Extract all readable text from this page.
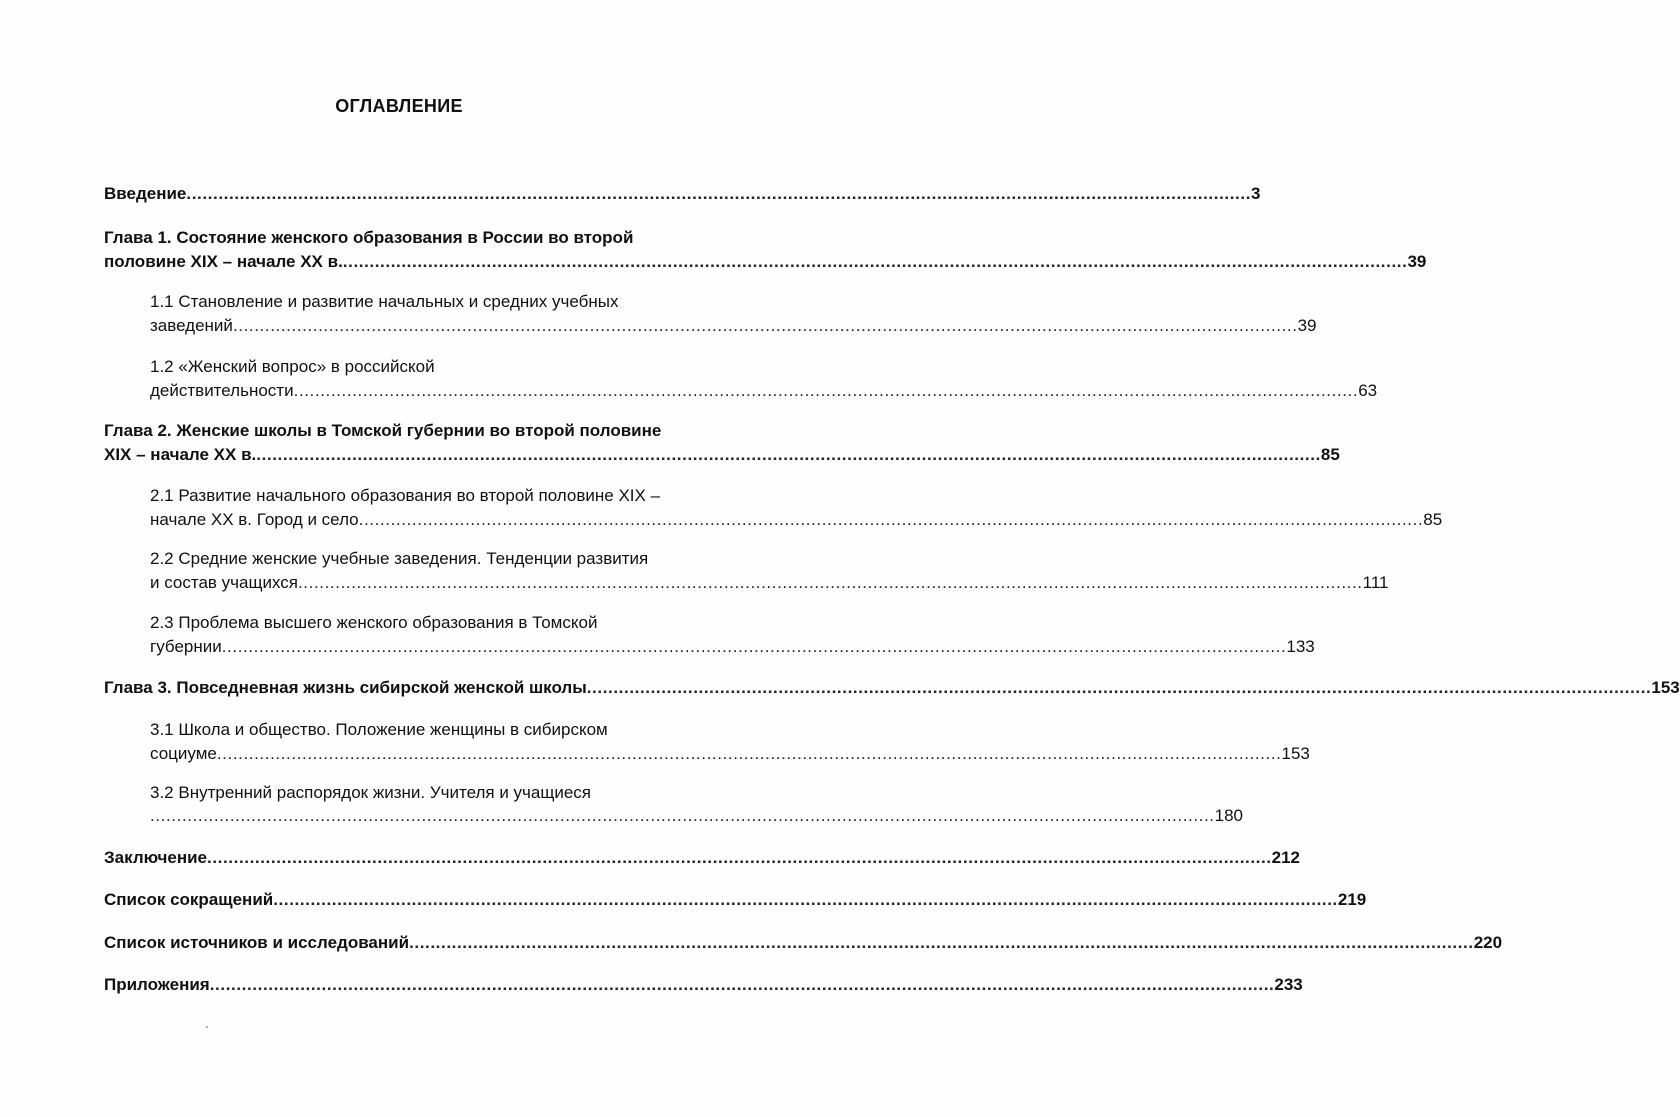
ОГЛАВЛЕНИЕ
Введение ........................................................................................................................................................................................................ 3
Глава 1. Состояние женского образования в России во второй
половине XIX – начале XX в. ........................................................................................................................................................................................................ 39
1.1 Становление и развитие начальных и средних учебных
заведений ........................................................................................................................................................................................................ 39
1.2 «Женский вопрос» в российской
действительности ........................................................................................................................................................................................................ 63
Глава 2. Женские школы в Томской губернии во второй половине
XIX – начале XX в. ........................................................................................................................................................................................................ 85
2.1 Развитие начального образования во второй половине XIX –
начале XX в. Город и село ........................................................................................................................................................................................................ 85
2.2 Средние женские учебные заведения. Тенденции развития
и состав учащихся ........................................................................................................................................................................................................ 111
2.3 Проблема высшего женского образования в Томской
губернии ........................................................................................................................................................................................................ 133
Глава 3. Повседневная жизнь сибирской женской школы ........................................................................................................................................................................................................ 153
3.1 Школа и общество. Положение женщины в сибирском
социуме ........................................................................................................................................................................................................ 153
3.2 Внутренний распорядок жизни. Учителя и учащиеся
........................................................................................................................................................................................................ 180
Заключение ........................................................................................................................................................................................................ 212
Список сокращений ........................................................................................................................................................................................................ 219
Список источников и исследований ........................................................................................................................................................................................................ 220
Приложения ........................................................................................................................................................................................................ 233
